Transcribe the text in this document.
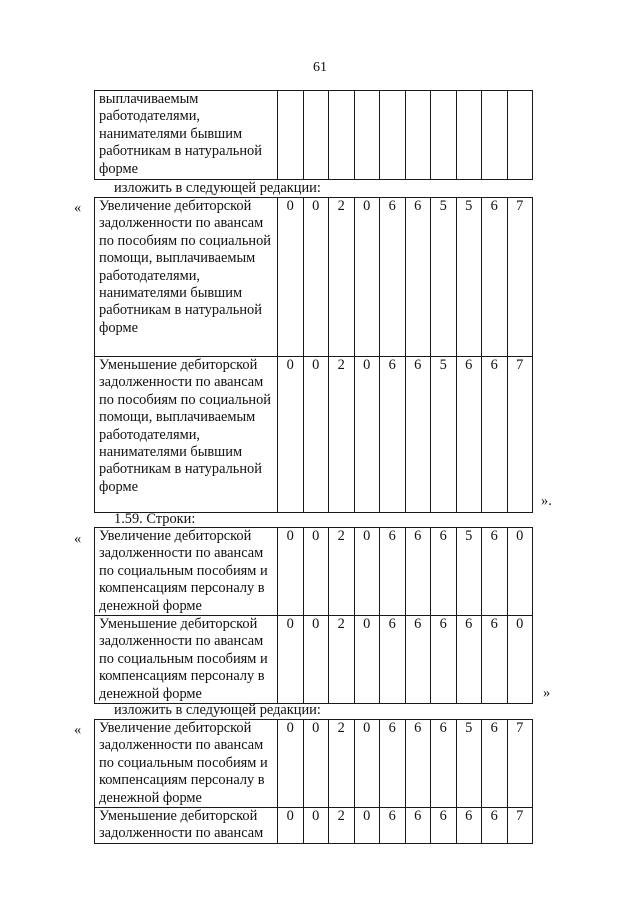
61
выплачиваемым работодателями, нанимателями бывшим работникам в натуральной форме										
изложить в следующей редакции:
« Увеличение дебиторской задолженности по авансам по пособиям по социальной помощи, выплачиваемым работодателями, нанимателями бывшим работникам в натуральной форме	0	0	2	0	6	6	5	5	6	7
Уменьшение дебиторской задолженности по авансам по пособиям по социальной помощи, выплачиваемым работодателями, нанимателями бывшим работникам в натуральной форме	0	0	2	0	6	6	5	6	6	7
».
1.59. Строки:
« Увеличение дебиторской задолженности по авансам по социальным пособиям и компенсациям персоналу в денежной форме	0	0	2	0	6	6	6	5	6	0
Уменьшение дебиторской задолженности по авансам по социальным пособиям и компенсациям персоналу в денежной форме	0	0	2	0	6	6	6	6	6	0
»
изложить в следующей редакции:
« Увеличение дебиторской задолженности по авансам по социальным пособиям и компенсациям персоналу в денежной форме	0	0	2	0	6	6	6	5	6	7
Уменьшение дебиторской задолженности по авансам	0	0	2	0	6	6	6	6	6	7
